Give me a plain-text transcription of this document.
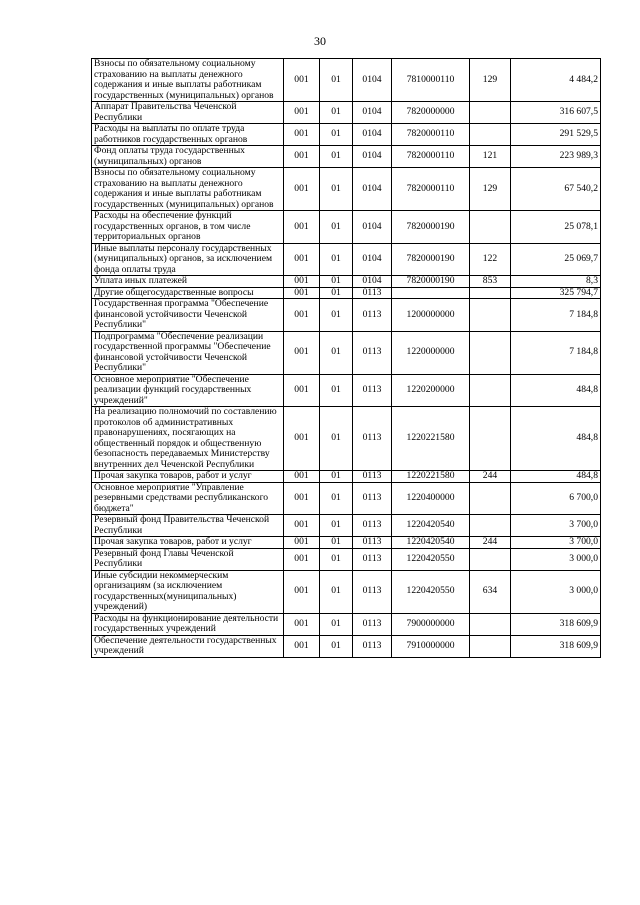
30
Взносы по обязательному социальному страхованию на выплаты денежного содержания и иные выплаты работникам государственных (муниципальных) органов	001	01	0104	7810000110	129	4 484,2
Аппарат Правительства Чеченской Республики	001	01	0104	7820000000		316 607,5
Расходы на выплаты по оплате труда работников государственных органов	001	01	0104	7820000110		291 529,5
Фонд оплаты труда государственных (муниципальных) органов	001	01	0104	7820000110	121	223 989,3
Взносы по обязательному социальному страхованию на выплаты денежного содержания и иные выплаты работникам государственных (муниципальных) органов	001	01	0104	7820000110	129	67 540,2
Расходы на обеспечение функций государственных органов, в том числе территориальных органов	001	01	0104	7820000190		25 078,1
Иные выплаты персоналу государственных (муниципальных) органов, за исключением фонда оплаты труда	001	01	0104	7820000190	122	25 069,7
Уплата иных платежей	001	01	0104	7820000190	853	8,3
Другие общегосударственные вопросы	001	01	0113			325 794,7
Государственная программа "Обеспечение финансовой устойчивости Чеченской Республики"	001	01	0113	1200000000		7 184,8
Подпрограмма "Обеспечение реализации государственной программы "Обеспечение финансовой устойчивости Чеченской Республики"	001	01	0113	1220000000		7 184,8
Основное мероприятие "Обеспечение реализации функций государственных учреждений"	001	01	0113	1220200000		484,8
На реализацию полномочий по составлению протоколов об административных правонарушениях, посягающих на общественный порядок и общественную безопасность передаваемых Министерству внутренних дел Чеченской Республики	001	01	0113	1220221580		484,8
Прочая закупка товаров, работ и услуг	001	01	0113	1220221580	244	484,8
Основное мероприятие "Управление резервными средствами республиканского бюджета"	001	01	0113	1220400000		6 700,0
Резервный фонд Правительства Чеченской Республики	001	01	0113	1220420540		3 700,0
Прочая закупка товаров, работ и услуг	001	01	0113	1220420540	244	3 700,0
Резервный фонд Главы Чеченской Республики	001	01	0113	1220420550		3 000,0
Иные субсидии некоммерческим организациям (за исключением государственных(муниципальных) учреждений)	001	01	0113	1220420550	634	3 000,0
Расходы на функционирование деятельности государственных учреждений	001	01	0113	7900000000		318 609,9
Обеспечение деятельности государственных учреждений	001	01	0113	7910000000		318 609,9
